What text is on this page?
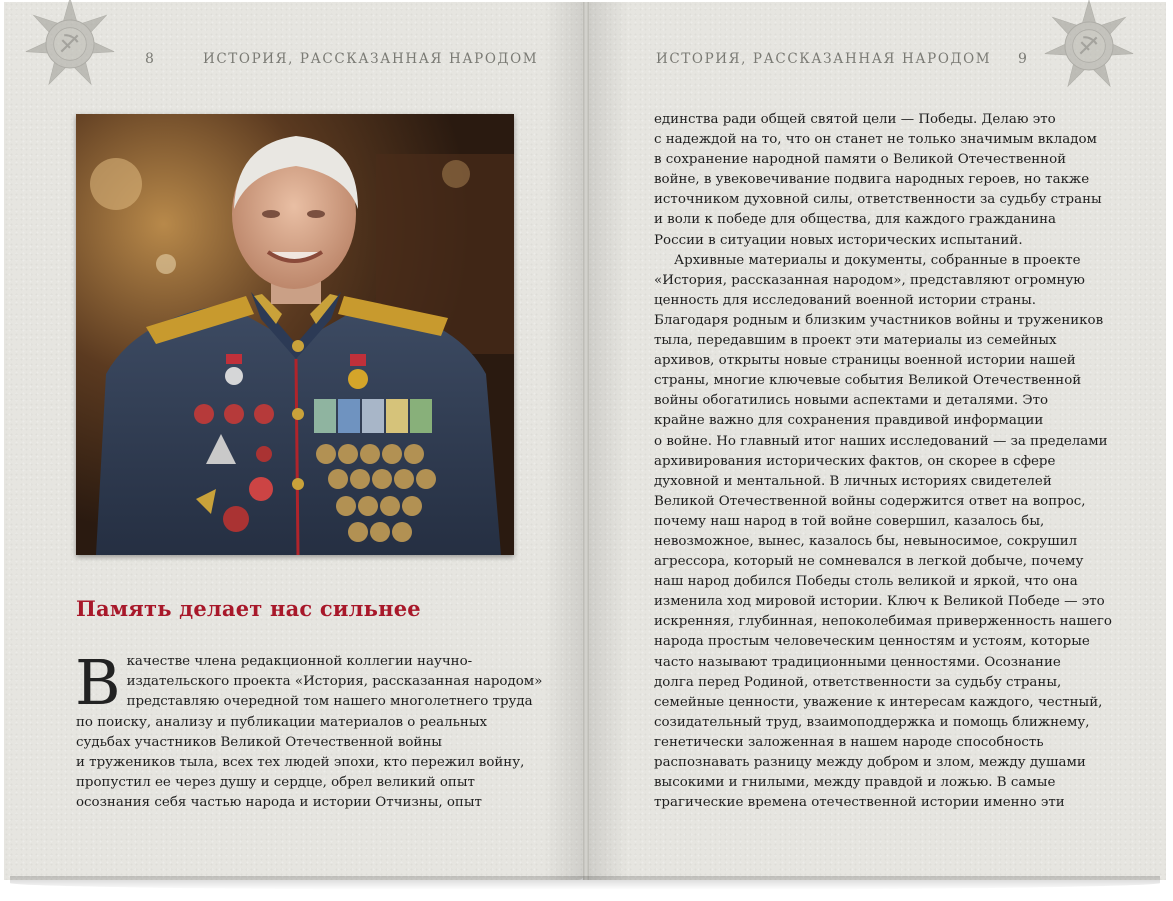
8	ИСТОРИЯ, РАССКАЗАННАЯ НАРОДОМ
Память делает нас сильнее
В качестве члена редакционной коллегии научно-
издательского проекта «История, рассказанная народом»
представляю очередной том нашего многолетнего труда
по поиску, анализу и публикации материалов о реальных
судьбах участников Великой Отечественной войны
и тружеников тыла, всех тех людей эпохи, кто пережил войну,
пропустил ее через душу и сердце, обрел великий опыт
осознания себя частью народа и истории Отчизны, опыт
ИСТОРИЯ, РАССКАЗАННАЯ НАРОДОМ 9
единства ради общей святой цели — Победы. Делаю это
с надеждой на то, что он станет не только значимым вкладом
в сохранение народной памяти о Великой Отечественной
войне, в увековечивание подвига народных героев, но также
источником духовной силы, ответственности за судьбу страны
и воли к победе для общества, для каждого гражданина
России в ситуации новых исторических испытаний.
Архивные материалы и документы, собранные в проекте
«История, рассказанная народом», представляют огромную
ценность для исследований военной истории страны.
Благодаря родным и близким участников войны и тружеников
тыла, передавшим в проект эти материалы из семейных
архивов, открыты новые страницы военной истории нашей
страны, многие ключевые события Великой Отечественной
войны обогатились новыми аспектами и деталями. Это
крайне важно для сохранения правдивой информации
о войне. Но главный итог наших исследований — за пределами
архивирования исторических фактов, он скорее в сфере
духовной и ментальной. В личных историях свидетелей
Великой Отечественной войны содержится ответ на вопрос,
почему наш народ в той войне совершил, казалось бы,
невозможное, вынес, казалось бы, невыносимое, сокрушил
агрессора, который не сомневался в легкой добыче, почему
наш народ добился Победы столь великой и яркой, что она
изменила ход мировой истории. Ключ к Великой Победе — это
искренняя, глубинная, непоколебимая приверженность нашего
народа простым человеческим ценностям и устоям, которые
часто называют традиционными ценностями. Осознание
долга перед Родиной, ответственности за судьбу страны,
семейные ценности, уважение к интересам каждого, честный,
созидательный труд, взаимоподдержка и помощь ближнему,
генетически заложенная в нашем народе способность
распознавать разницу между добром и злом, между душами
высокими и гнилыми, между правдой и ложью. В самые
трагические времена отечественной истории именно эти
